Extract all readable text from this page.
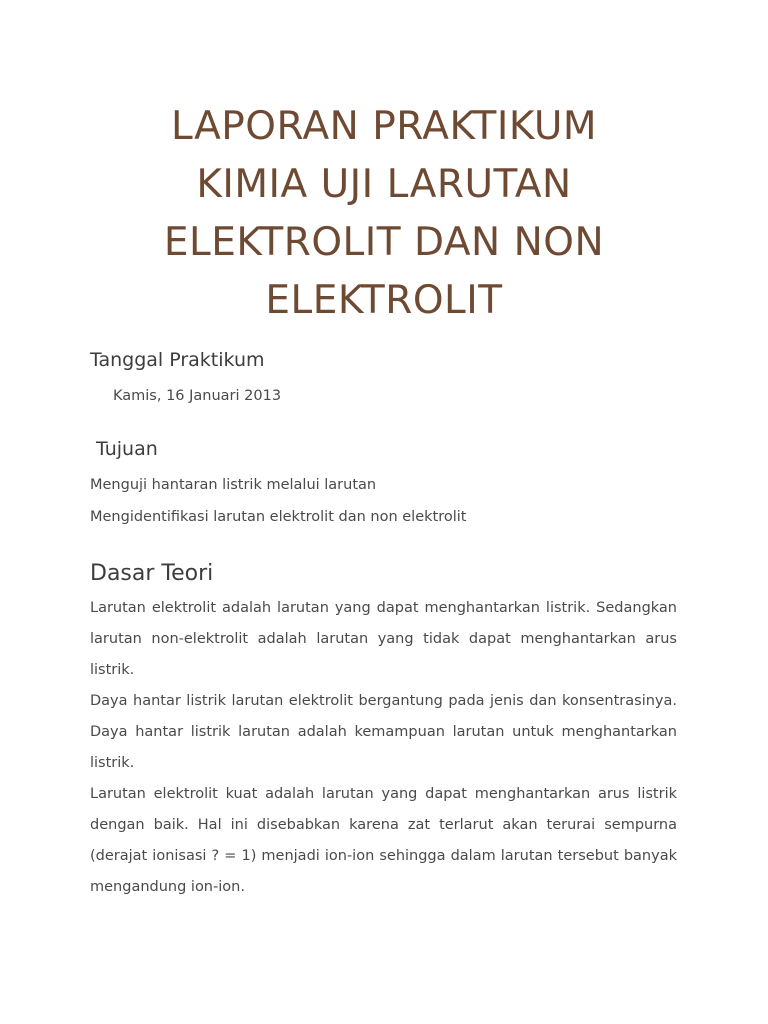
LAPORAN PRAKTIKUM
KIMIA UJI LARUTAN
ELEKTROLIT DAN NON
ELEKTROLIT
Tanggal Praktikum

Kamis, 16 Januari 2013

Tujuan

Menguji hantaran listrik melalui larutan

Mengidentifikasi larutan elektrolit dan non elektrolit

Dasar Teori

Larutan elektrolit adalah larutan yang dapat menghantarkan listrik. Sedangkan larutan non-elektrolit adalah larutan yang tidak dapat menghantarkan arus listrik.

Daya hantar listrik larutan elektrolit bergantung pada jenis dan konsentrasinya. Daya hantar listrik larutan adalah kemampuan larutan untuk menghantarkan listrik.

Larutan elektrolit kuat adalah larutan yang dapat menghantarkan arus listrik dengan baik. Hal ini disebabkan karena zat terlarut akan terurai sempurna (derajat ionisasi ? = 1) menjadi ion-ion sehingga dalam larutan tersebut banyak mengandung ion-ion.
